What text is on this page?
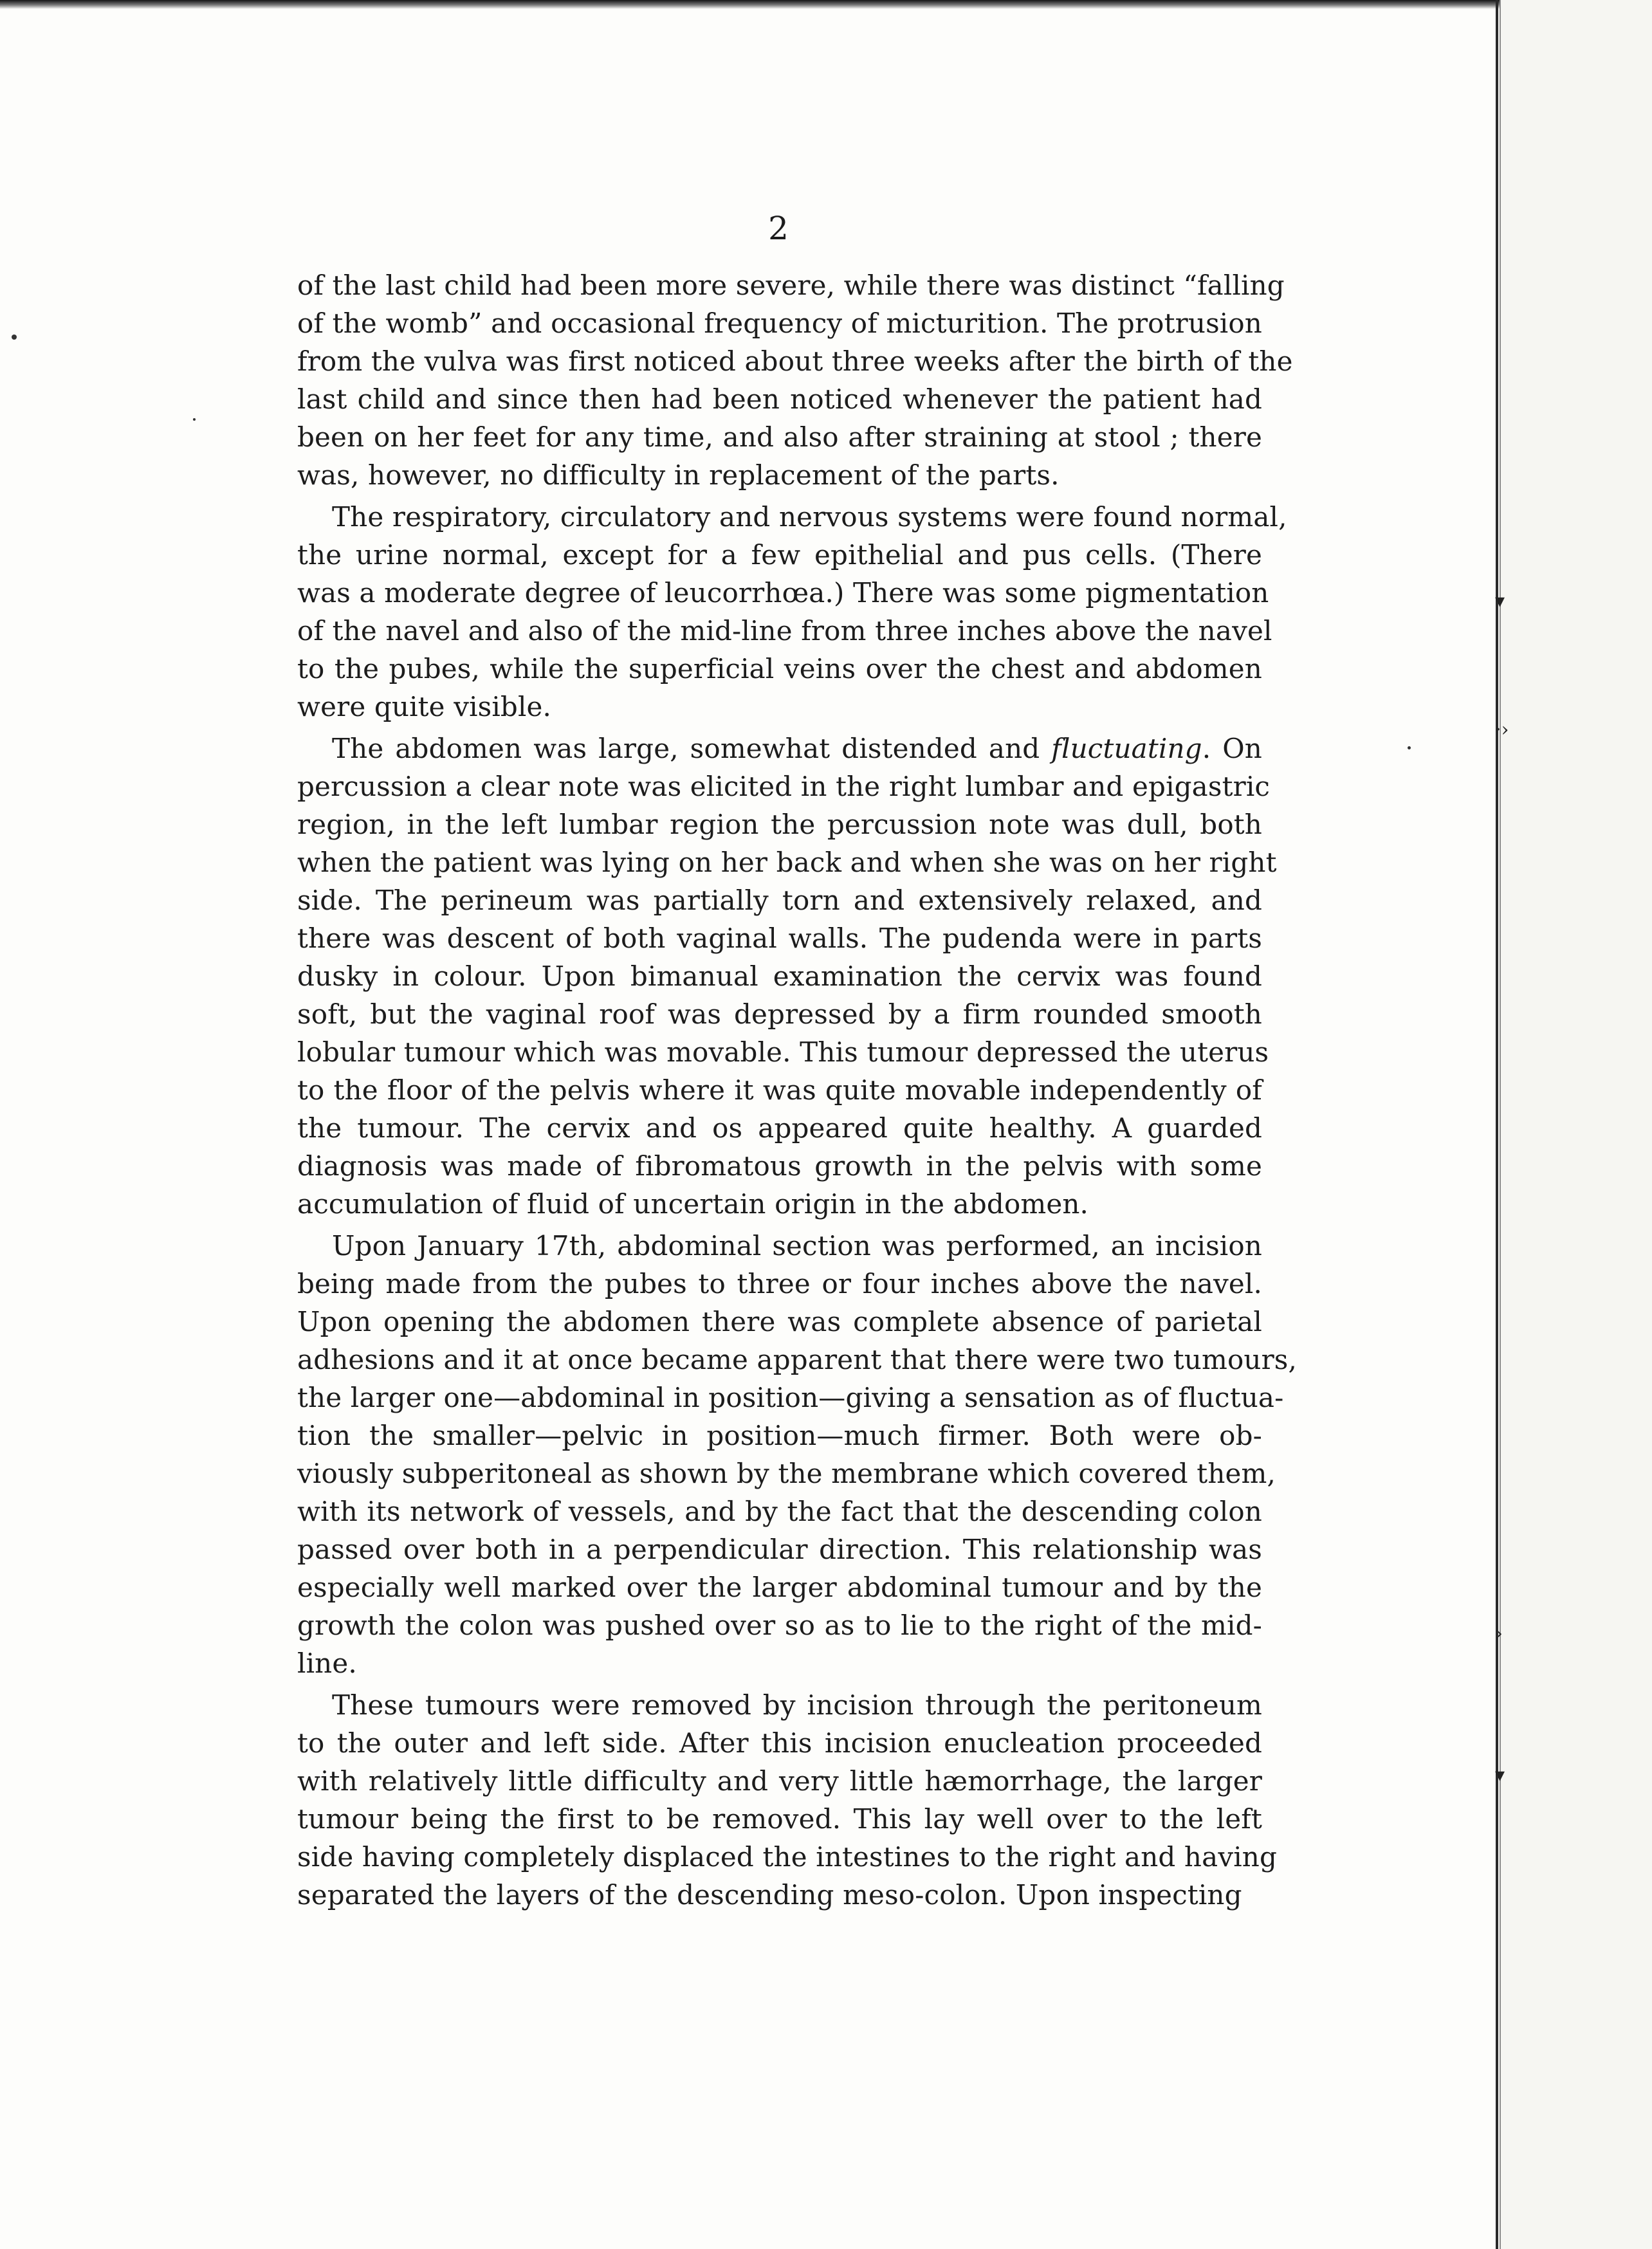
▾
·›
›
▾
2
of the last child had been more severe, while there was distinct “falling
of the womb” and occasional frequency of micturition. The protrusion
from the vulva was first noticed about three weeks after the birth of the
last child and since then had been noticed whenever the patient had
been on her feet for any time, and also after straining at stool ; there
was, however, no difficulty in replacement of the parts.
The respiratory, circulatory and nervous systems were found normal,
the urine normal, except for a few epithelial and pus cells. (There
was a moderate degree of leucorrhœa.) There was some pigmentation
of the navel and also of the mid-line from three inches above the navel
to the pubes, while the superficial veins over the chest and abdomen
were quite visible.
The abdomen was large, somewhat distended and fluctuating. On
percussion a clear note was elicited in the right lumbar and epigastric
region, in the left lumbar region the percussion note was dull, both
when the patient was lying on her back and when she was on her right
side. The perineum was partially torn and extensively relaxed, and
there was descent of both vaginal walls. The pudenda were in parts
dusky in colour. Upon bimanual examination the cervix was found
soft, but the vaginal roof was depressed by a firm rounded smooth
lobular tumour which was movable. This tumour depressed the uterus
to the floor of the pelvis where it was quite movable independently of
the tumour. The cervix and os appeared quite healthy. A guarded
diagnosis was made of fibromatous growth in the pelvis with some
accumulation of fluid of uncertain origin in the abdomen.
Upon January 17th, abdominal section was performed, an incision
being made from the pubes to three or four inches above the navel.
Upon opening the abdomen there was complete absence of parietal
adhesions and it at once became apparent that there were two tumours,
the larger one—abdominal in position—giving a sensation as of fluctua-
tion the smaller—pelvic in position—much firmer. Both were ob-
viously subperitoneal as shown by the membrane which covered them,
with its network of vessels, and by the fact that the descending colon
passed over both in a perpendicular direction. This relationship was
especially well marked over the larger abdominal tumour and by the
growth the colon was pushed over so as to lie to the right of the mid-
line.
These tumours were removed by incision through the peritoneum
to the outer and left side. After this incision enucleation proceeded
with relatively little difficulty and very little hæmorrhage, the larger
tumour being the first to be removed. This lay well over to the left
side having completely displaced the intestines to the right and having
separated the layers of the descending meso-colon. Upon inspecting
